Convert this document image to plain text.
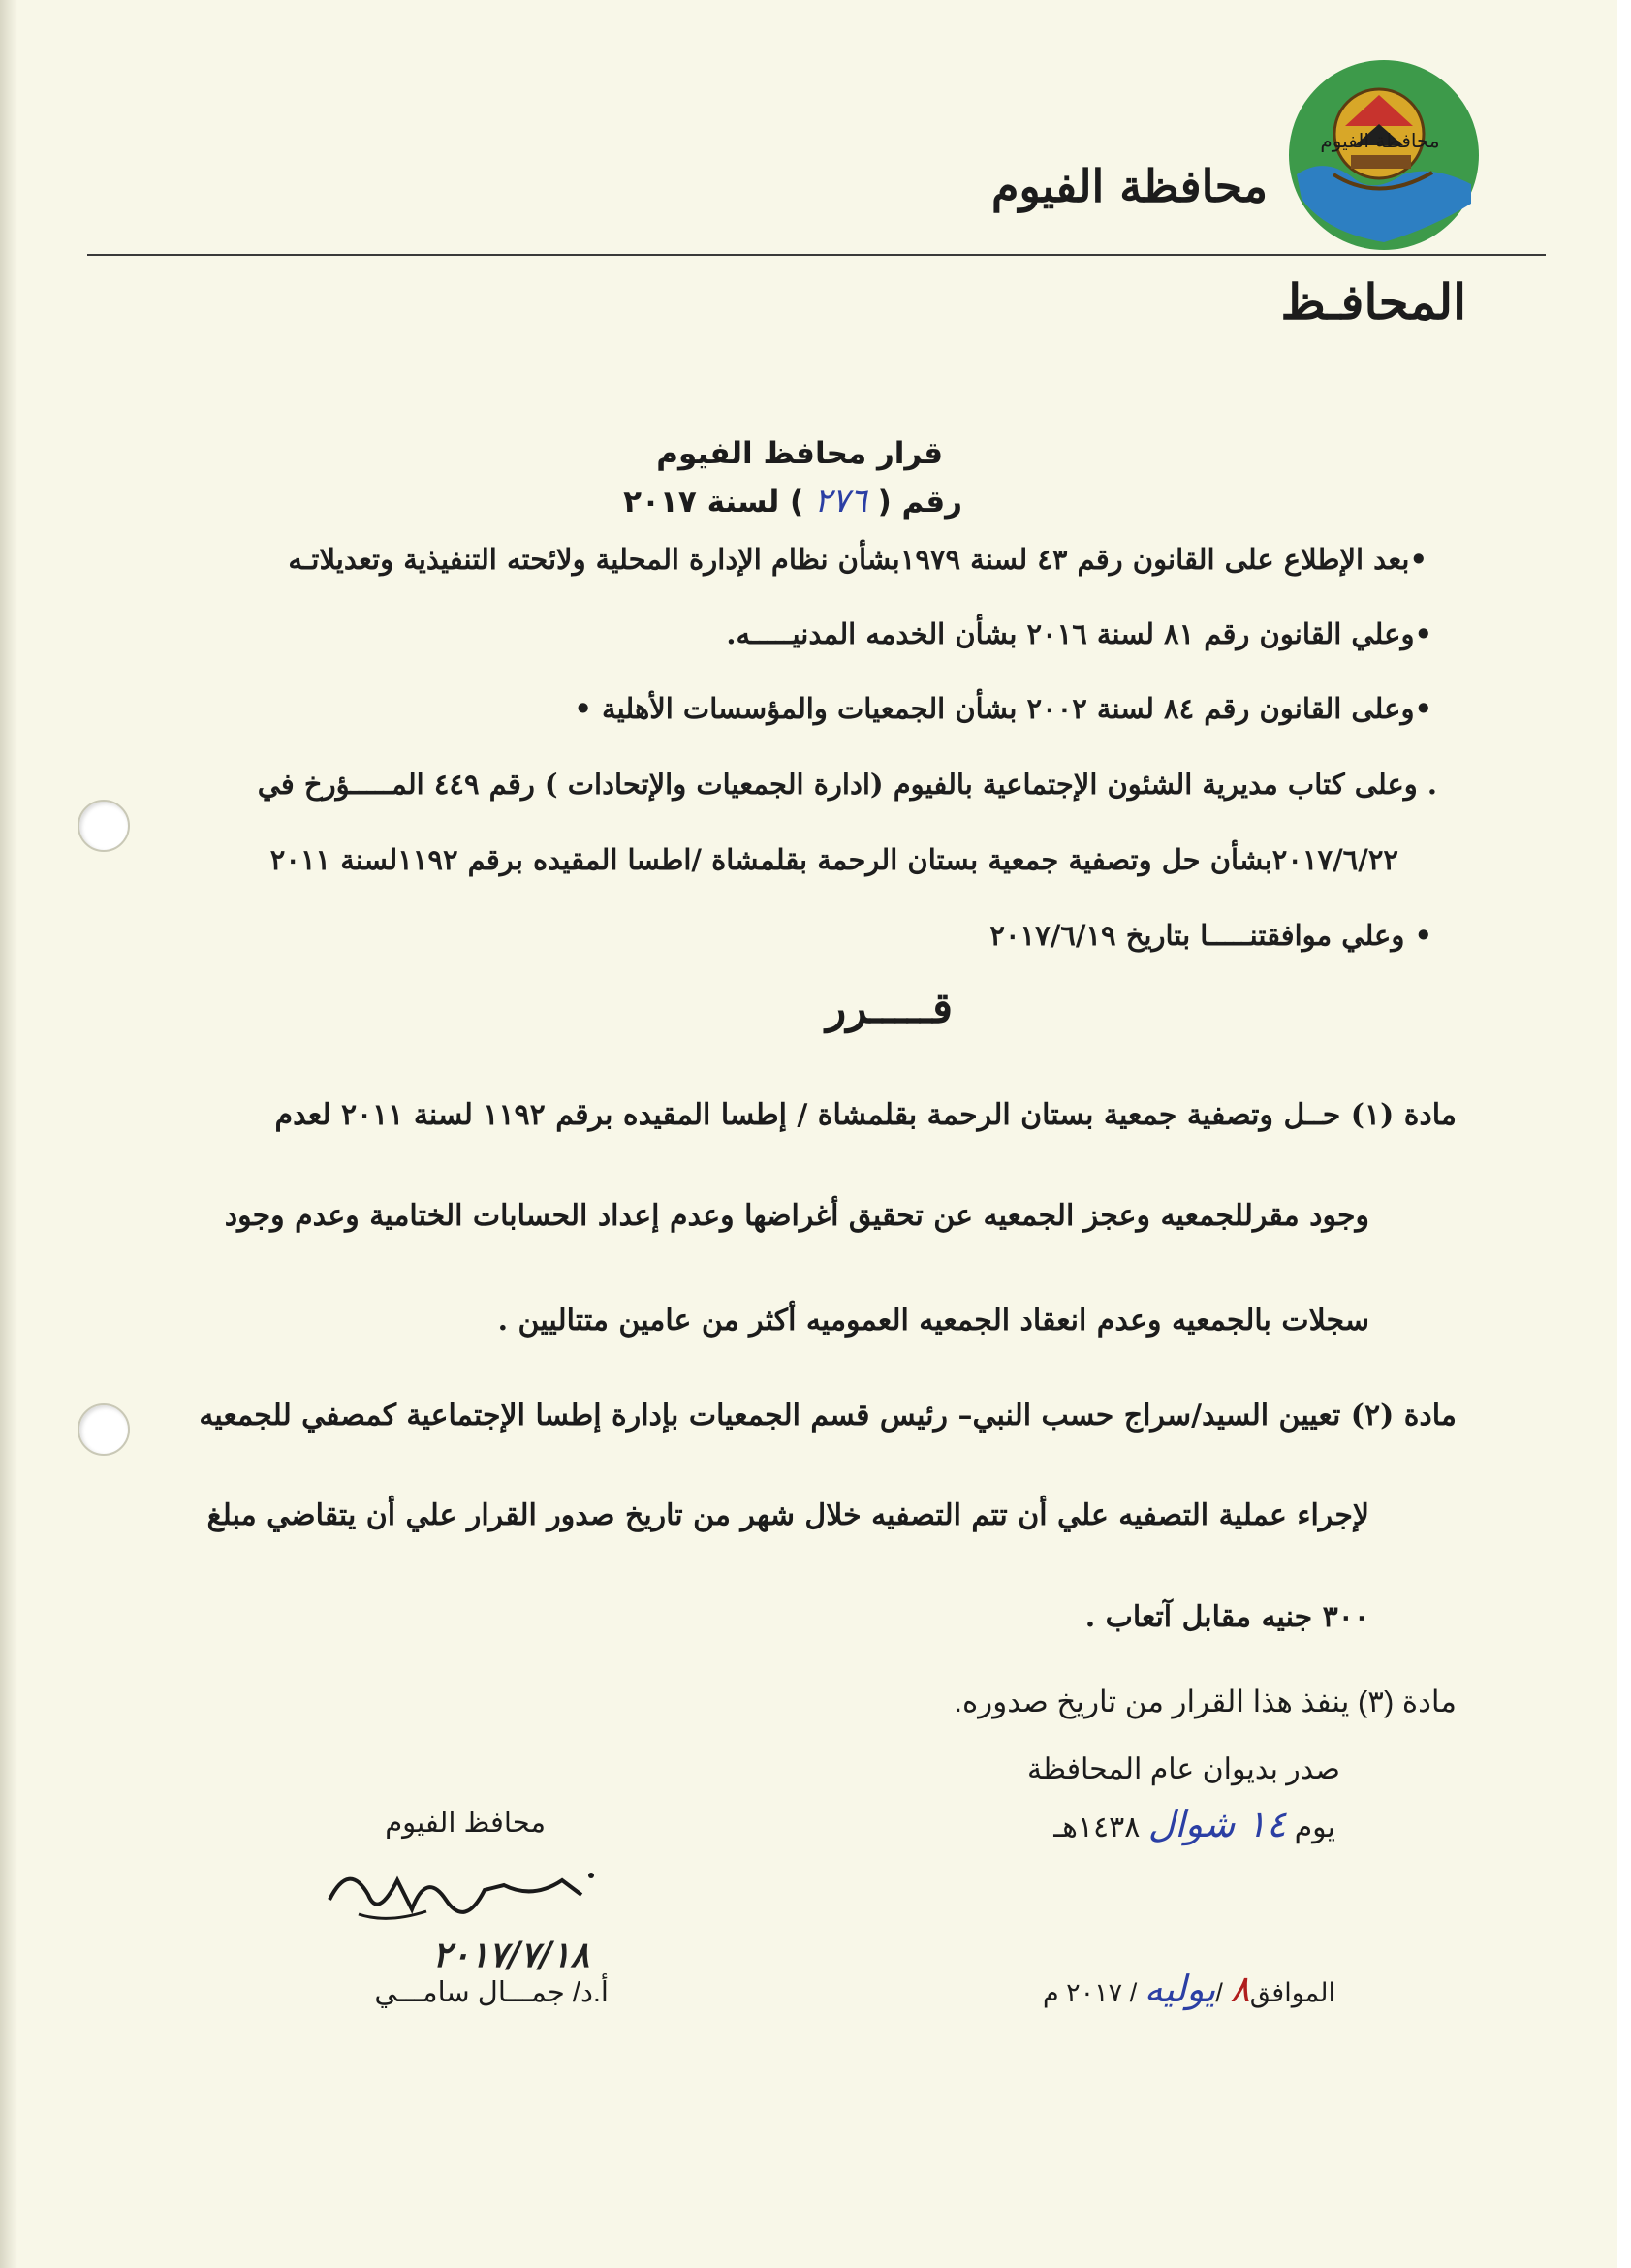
محافظة الفيوم
محافظة الفيوم
المحافـظ
قرار محافظ الفيوم
رقم ( ٢٧٦ ) لسنة ٢٠١٧
•بعد الإطلاع على القانون رقم ٤٣ لسنة ١٩٧٩بشأن نظام الإدارة المحلية ولائحته التنفيذية وتعديلاتـه
•وعلي القانون رقم ٨١ لسنة ٢٠١٦ بشأن الخدمه المدنيـــــه.
•وعلى القانون رقم ٨٤ لسنة ٢٠٠٢ بشأن الجمعيات والمؤسسات الأهلية •
. وعلى كتاب مديرية الشئون الإجتماعية بالفيوم (ادارة الجمعيات والإتحادات ) رقم ٤٤٩ المـــــؤرخ في
٢٠١٧/٦/٢٢بشأن حل وتصفية جمعية بستان الرحمة بقلمشاة /اطسا المقيده برقم ١١٩٢لسنة ٢٠١١
• وعلي موافقتنـــــا بتاريخ ٢٠١٧/٦/١٩
قـــــرر
مادة (١) حــل وتصفية جمعية بستان الرحمة بقلمشاة / إطسا المقيده برقم ١١٩٢ لسنة ٢٠١١ لعدم
وجود مقرللجمعيه وعجز الجمعيه عن تحقيق أغراضها وعدم إعداد الحسابات الختامية وعدم وجود
سجلات بالجمعيه وعدم انعقاد الجمعيه العموميه أكثر من عامين متتاليين .
مادة (٢) تعيين السيد/سراج حسب النبي– رئيس قسم الجمعيات بإدارة إطسا الإجتماعية كمصفي للجمعيه
لإجراء عملية التصفيه علي أن تتم التصفيه خلال شهر من تاريخ صدور القرار علي أن يتقاضي مبلغ
٣٠٠ جنيه مقابل آتعاب .
مادة (٣) ينفذ هذا القرار من تاريخ صدوره.
صدر بديوان عام المحافظة
يوم ١٤ شوال ١٤٣٨هـ
الموافق٨ /يوليه / ٢٠١٧ م
محافظ الفيوم
٢٠١٧/٧/١٨
أ.د/ جمـــال سامـــي
